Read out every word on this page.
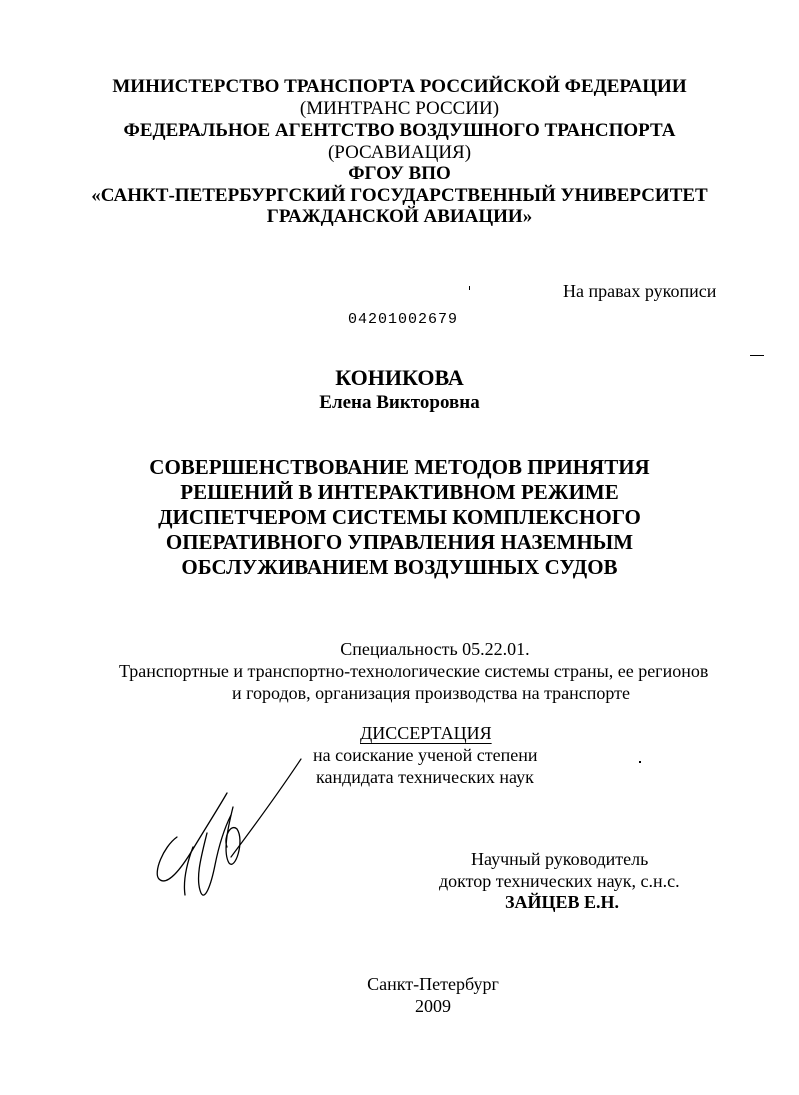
МИНИСТЕРСТВО ТРАНСПОРТА РОССИЙСКОЙ ФЕДЕРАЦИИ
(МИНТРАНС РОССИИ)
ФЕДЕРАЛЬНОЕ АГЕНТСТВО ВОЗДУШНОГО ТРАНСПОРТА
(РОСАВИАЦИЯ)
ФГОУ ВПО
«САНКТ-ПЕТЕРБУРГСКИЙ ГОСУДАРСТВЕННЫЙ УНИВЕРСИТЕТ
ГРАЖДАНСКОЙ АВИАЦИИ»
На правах рукописи
04201002679
КОНИКОВА
Елена Викторовна
СОВЕРШЕНСТВОВАНИЕ МЕТОДОВ ПРИНЯТИЯ
РЕШЕНИЙ В ИНТЕРАКТИВНОМ РЕЖИМЕ
ДИСПЕТЧЕРОМ СИСТЕМЫ КОМПЛЕКСНОГО
ОПЕРАТИВНОГО УПРАВЛЕНИЯ НАЗЕМНЫМ
ОБСЛУЖИВАНИЕМ ВОЗДУШНЫХ СУДОВ
Специальность 05.22.01.
Транспортные и транспортно-технологические системы страны, ее регионов
и городов, организация производства на транспорте
ДИССЕРТАЦИЯ
на соискание ученой степени
кандидата технических наук
Научный руководитель
доктор технических наук, с.н.с.
ЗАЙЦЕВ Е.Н.
Санкт-Петербург
2009
